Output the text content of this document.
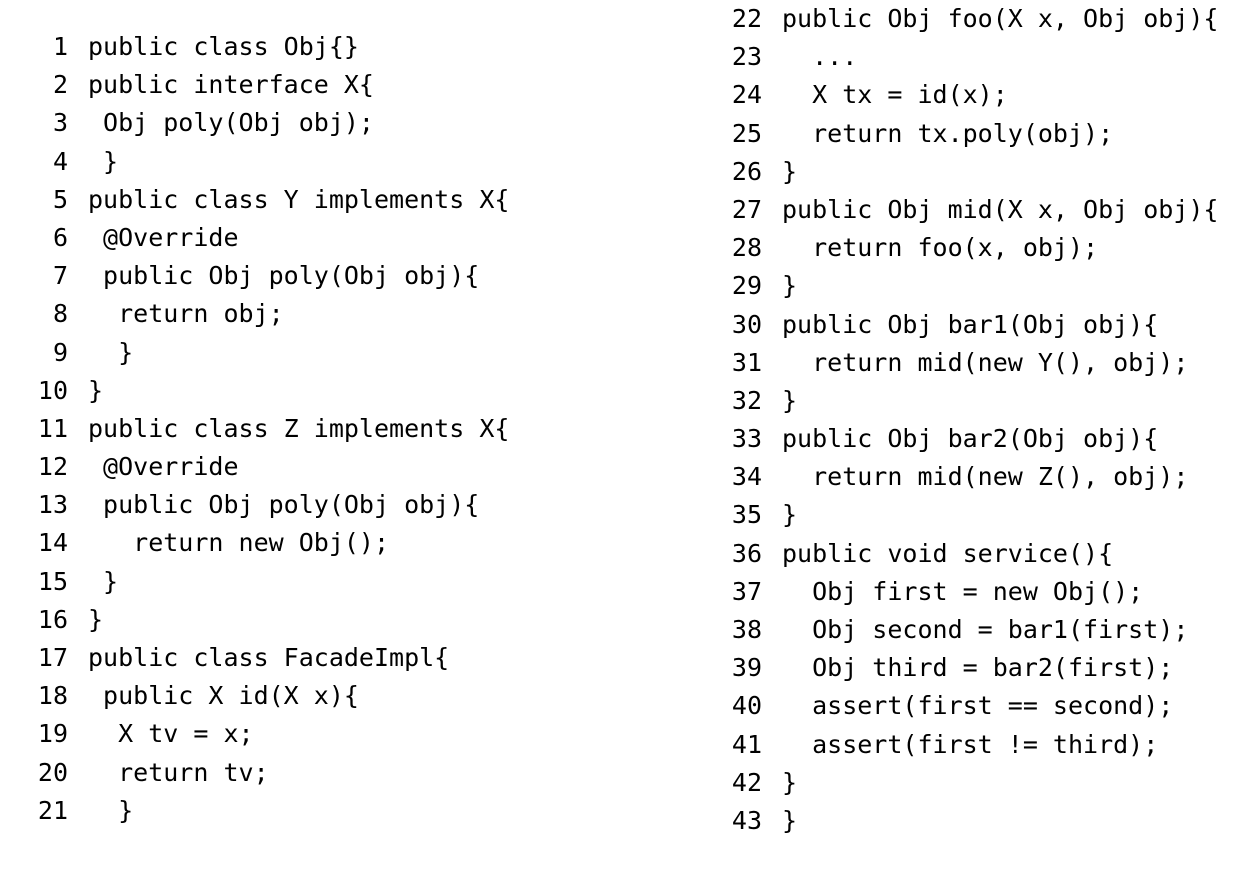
1 public class Obj{}
2 public interface X{
3 Obj poly(Obj obj);
4 }
5 public class Y implements X{
6 @Override
7 public Obj poly(Obj obj){
8 return obj;
9 }
10 }
11 public class Z implements X{
12 @Override
13 public Obj poly(Obj obj){
14 return new Obj();
15 }
16 }
17 public class FacadeImpl{
18 public X id(X x){
19 X tv = x;
20 return tv;
21 }
22 public Obj foo(X x, Obj obj){
23 ...
24 X tx = id(x);
25 return tx.poly(obj);
26 }
27 public Obj mid(X x, Obj obj){
28 return foo(x, obj);
29 }
30 public Obj bar1(Obj obj){
31 return mid(new Y(), obj);
32 }
33 public Obj bar2(Obj obj){
34 return mid(new Z(), obj);
35 }
36 public void service(){
37 Obj first = new Obj();
38 Obj second = bar1(first);
39 Obj third = bar2(first);
40 assert(first == second);
41 assert(first != third);
42 }
43 }
